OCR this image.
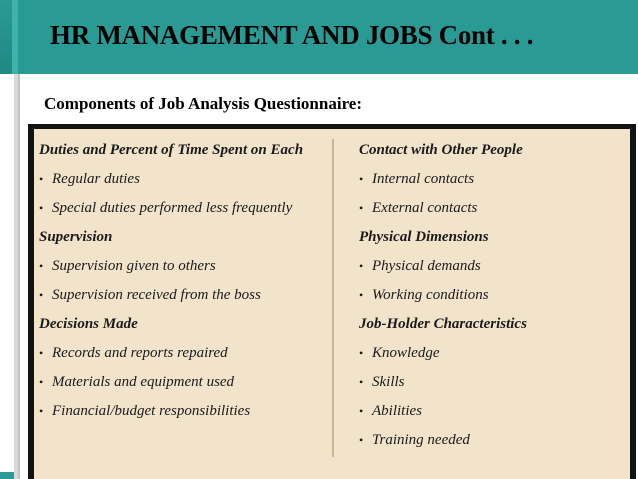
HR MANAGEMENT AND JOBS Cont . . .
Components of Job Analysis Questionnaire:
Duties and Percent of Time Spent on Each
• Regular duties
• Special duties performed less frequently
Supervision
• Supervision given to others
• Supervision received from the boss
Decisions Made
• Records and reports repaired
• Materials and equipment used
• Financial/budget responsibilities
Contact with Other People
• Internal contacts
• External contacts
Physical Dimensions
• Physical demands
• Working conditions
Job-Holder Characteristics
• Knowledge
• Skills
• Abilities
• Training needed
